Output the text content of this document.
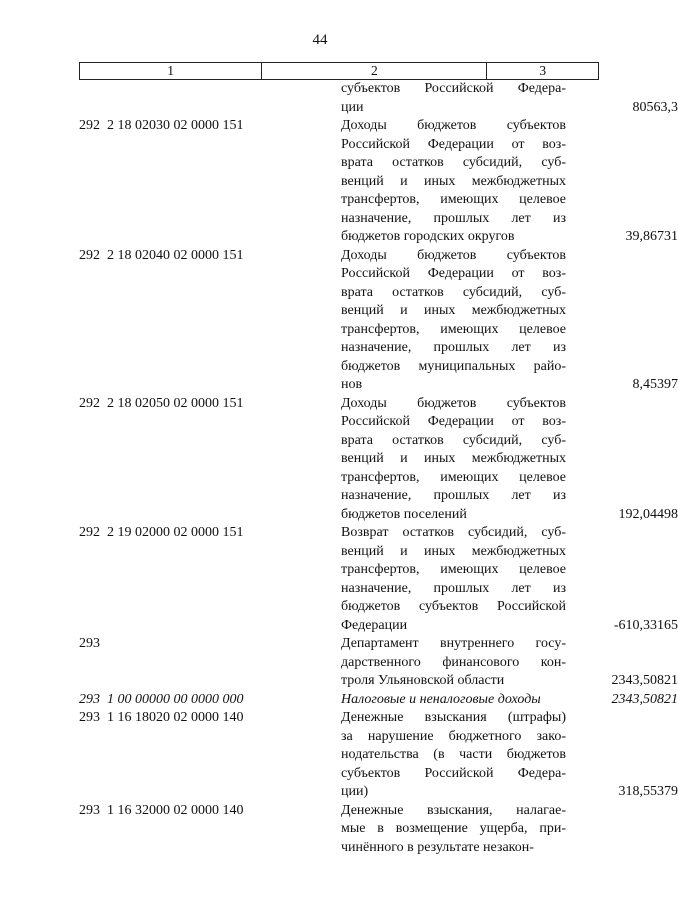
44
1	2	3
субъектов Российской Федера-
ции	80563,3
292  2 18 02030 02 0000 151	Доходы бюджетов субъектов
Российской Федерации от воз-
врата остатков субсидий, суб-
венций и иных межбюджетных
трансфертов, имеющих целевое
назначение, прошлых лет из
бюджетов городских округов	39,86731
292  2 18 02040 02 0000 151	Доходы бюджетов субъектов
Российской Федерации от воз-
врата остатков субсидий, суб-
венций и иных межбюджетных
трансфертов, имеющих целевое
назначение, прошлых лет из
бюджетов муниципальных райо-
нов	8,45397
292  2 18 02050 02 0000 151	Доходы бюджетов субъектов
Российской Федерации от воз-
врата остатков субсидий, суб-
венций и иных межбюджетных
трансфертов, имеющих целевое
назначение, прошлых лет из
бюджетов поселений	192,04498
292  2 19 02000 02 0000 151	Возврат остатков субсидий, суб-
венций и иных межбюджетных
трансфертов, имеющих целевое
назначение, прошлых лет из
бюджетов субъектов Российской
Федерации	-610,33165
293	Департамент внутреннего госу-
дарственного финансового кон-
троля Ульяновской области	2343,50821
293  1 00 00000 00 0000 000	Налоговые и неналоговые доходы	2343,50821
293  1 16 18020 02 0000 140	Денежные взыскания (штрафы)
за нарушение бюджетного зако-
нодательства (в части бюджетов
субъектов Российской Федера-
ции)	318,55379
293  1 16 32000 02 0000 140	Денежные взыскания, налагае-
мые в возмещение ущерба, при-
чинённого в результате незакон-
